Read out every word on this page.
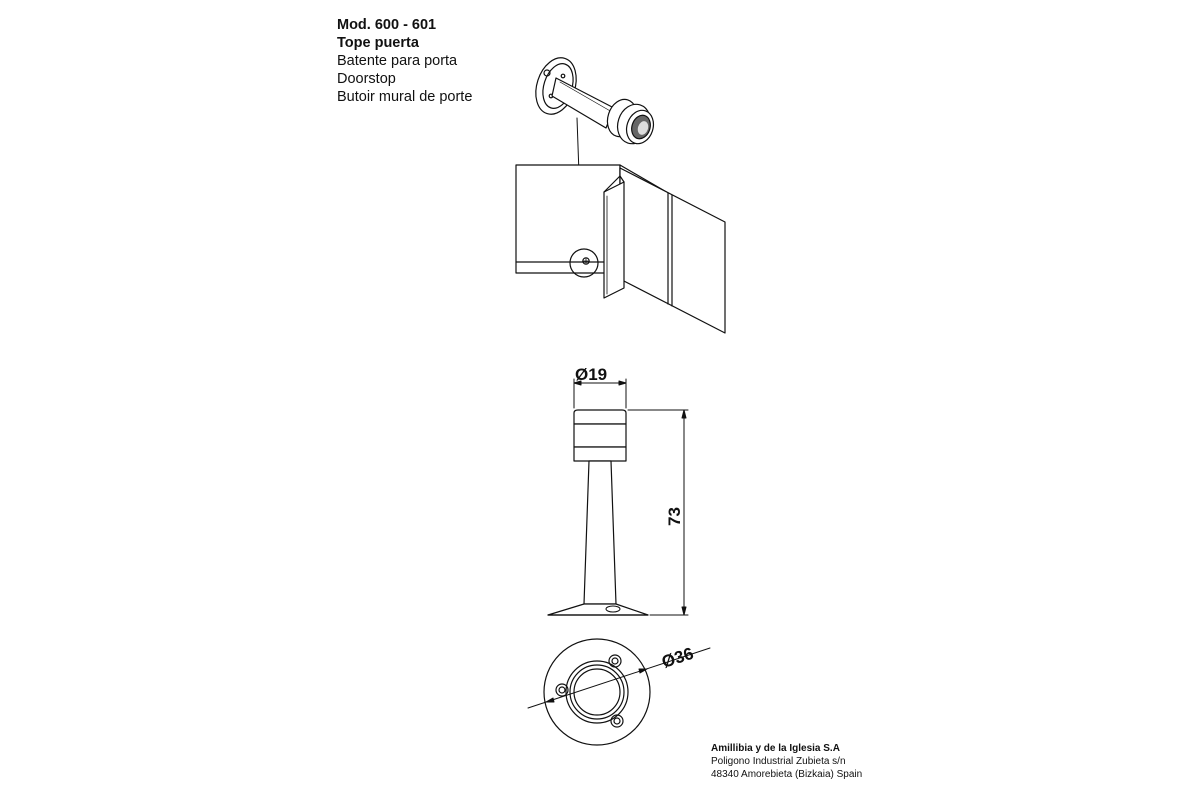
Mod. 600 - 601
Tope puerta
Batente para porta
Doorstop
Butoir mural de porte
Ø19
73
Ø36
Amillibia y de la Iglesia S.A
Poligono Industrial Zubieta s/n
48340 Amorebieta (Bizkaia) Spain
